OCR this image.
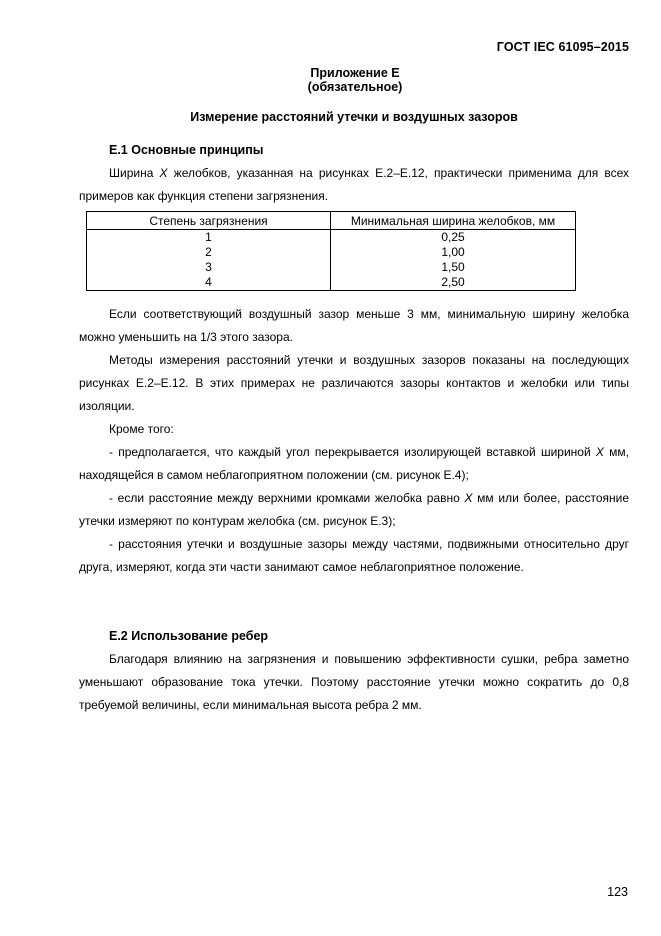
ГОСТ IEC 61095–2015
Приложение Е
(обязательное)
Измерение расстояний утечки и воздушных зазоров
Е.1 Основные принципы

Ширина X желобков, указанная на рисунках Е.2–Е.12, практически применима для всех примеров как функция степени загрязнения.

Степень загрязнения	Минимальная ширина желобков, мм
1	0,25
2	1,00
3	1,50
4	2,50

Если соответствующий воздушный зазор меньше 3 мм, минимальную ширину желобка можно уменьшить на 1/3 этого зазора.

Методы измерения расстояний утечки и воздушных зазоров показаны на последующих рисунках Е.2–Е.12. В этих примерах не различаются зазоры контактов и желобки или типы изоляции.

Кроме того:

- предполагается, что каждый угол перекрывается изолирующей вставкой шириной X мм, находящейся в самом неблагоприятном положении (см. рисунок Е.4);

- если расстояние между верхними кромками желобка равно X мм или более, расстояние утечки измеряют по контурам желобка (см. рисунок Е.3);

- расстояния утечки и воздушные зазоры между частями, подвижными относительно друг друга, измеряют, когда эти части занимают самое неблагоприятное положение.

Е.2 Использование ребер

Благодаря влиянию на загрязнения и повышению эффективности сушки, ребра заметно уменьшают образование тока утечки. Поэтому расстояние утечки можно сократить до 0,8 требуемой величины, если минимальная высота ребра 2 мм.

123
